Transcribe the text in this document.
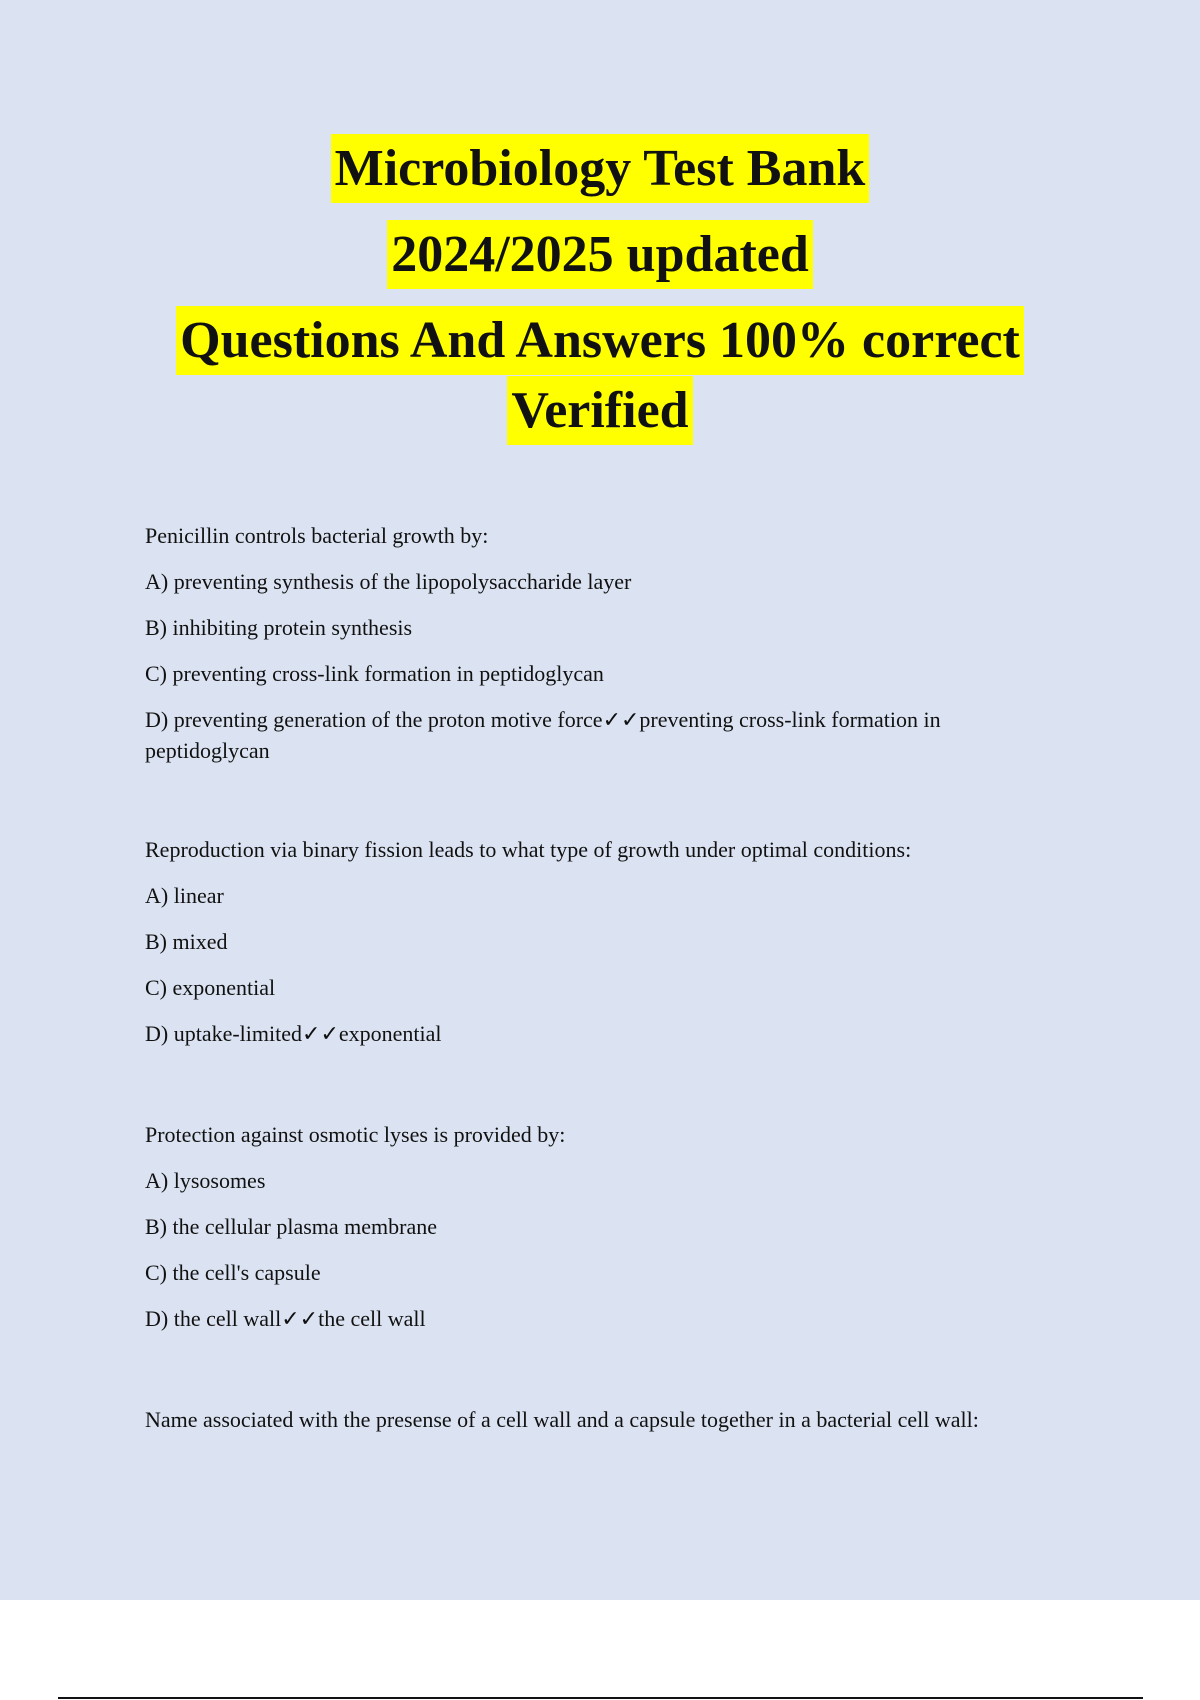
Microbiology Test Bank
2024/2025 updated
Questions And Answers 100% correct
Verified

Penicillin controls bacterial growth by:

A) preventing synthesis of the lipopolysaccharide layer

B) inhibiting protein synthesis

C) preventing cross-link formation in peptidoglycan

D) preventing generation of the proton motive force✓✓preventing cross-link formation in peptidoglycan

Reproduction via binary fission leads to what type of growth under optimal conditions:

A) linear

B) mixed

C) exponential

D) uptake-limited✓✓exponential

Protection against osmotic lyses is provided by:

A) lysosomes

B) the cellular plasma membrane

C) the cell's capsule

D) the cell wall✓✓the cell wall

Name associated with the presense of a cell wall and a capsule together in a bacterial cell wall:
